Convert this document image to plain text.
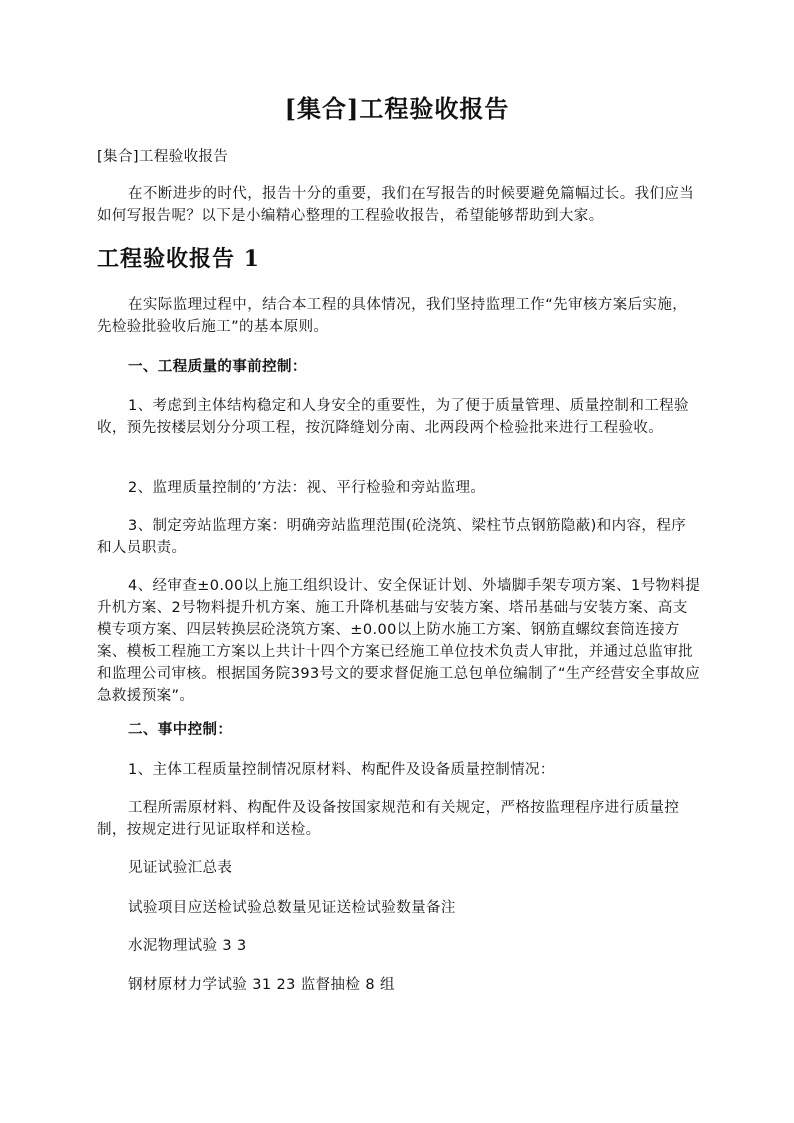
[集合]工程验收报告

[集合]工程验收报告

在不断进步的时代，报告十分的重要，我们在写报告的时候要避免篇幅过长。我们应当如何写报告呢？以下是小编精心整理的工程验收报告，希望能够帮助到大家。

工程验收报告 1

在实际监理过程中，结合本工程的具体情况，我们坚持监理工作“先审核方案后实施，先检验批验收后施工”的基本原则。

一、工程质量的事前控制：

1、考虑到主体结构稳定和人身安全的重要性，为了便于质量管理、质量控制和工程验收，预先按楼层划分分项工程，按沉降缝划分南、北两段两个检验批来进行工程验收。

2、监理质量控制的’方法：视、平行检验和旁站监理。

3、制定旁站监理方案：明确旁站监理范围(砼浇筑、梁柱节点钢筋隐蔽)和内容，程序和人员职责。

4、经审查±0.00以上施工组织设计、安全保证计划、外墙脚手架专项方案、1号物料提升机方案、2号物料提升机方案、施工升降机基础与安装方案、塔吊基础与安装方案、高支模专项方案、四层转换层砼浇筑方案、±0.00以上防水施工方案、钢筋直螺纹套筒连接方案、模板工程施工方案以上共计十四个方案已经施工单位技术负责人审批，并通过总监审批和监理公司审核。根据国务院393号文的要求督促施工总包单位编制了“生产经营安全事故应急救援预案”。

二、事中控制：

1、主体工程质量控制情况原材料、构配件及设备质量控制情况：

工程所需原材料、构配件及设备按国家规范和有关规定，严格按监理程序进行质量控制，按规定进行见证取样和送检。

见证试验汇总表

试验项目应送检试验总数量见证送检试验数量备注

水泥物理试验 3 3

钢材原材力学试验 31 23 监督抽检 8 组
